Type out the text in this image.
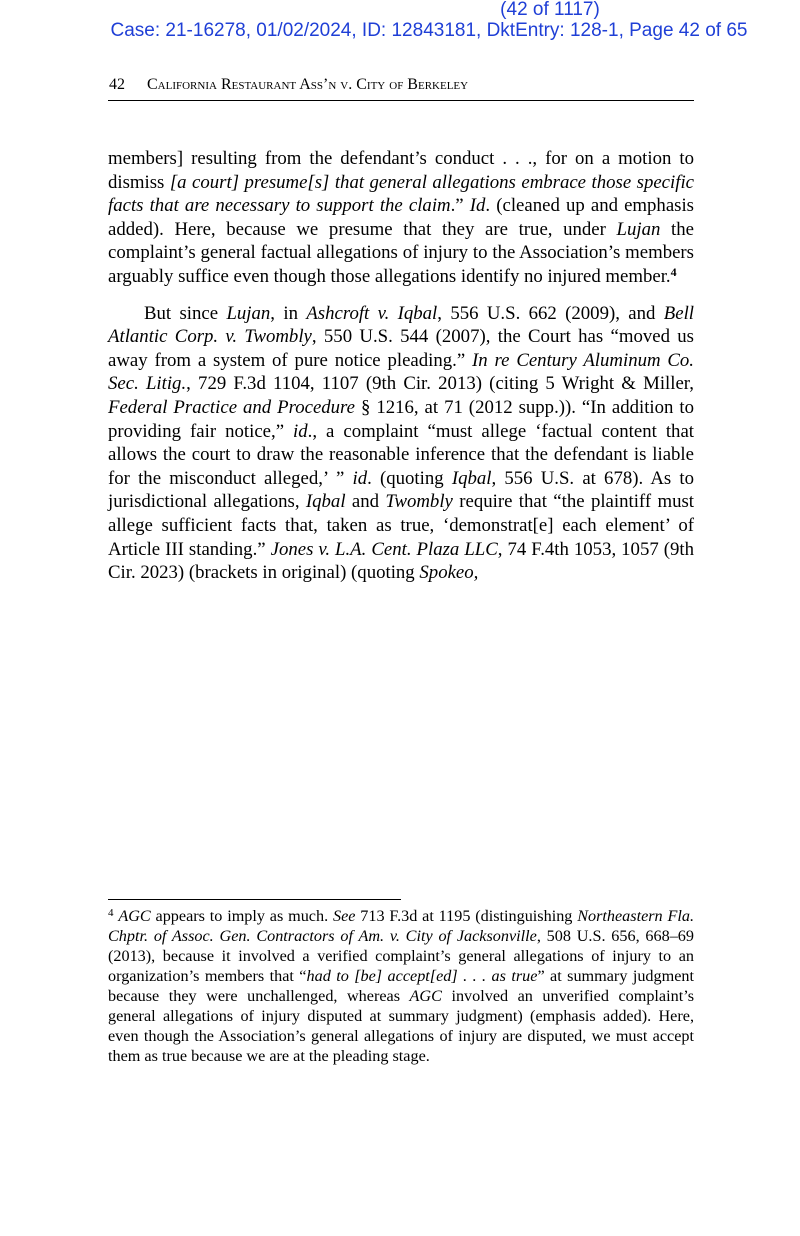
(42 of 1117)
Case: 21-16278, 01/02/2024, ID: 12843181, DktEntry: 128-1, Page 42 of 65
42 California Restaurant Ass’n v. City of Berkeley

members] resulting from the defendant’s conduct . . ., for on a motion to dismiss [a court] presume[s] that general allegations embrace those specific facts that are necessary to support the claim.” Id. (cleaned up and emphasis added). Here, because we presume that they are true, under Lujan the complaint’s general factual allegations of injury to the Association’s members arguably suffice even though those allegations identify no injured member.$^4$

But since Lujan, in Ashcroft v. Iqbal, 556 U.S. 662 (2009), and Bell Atlantic Corp. v. Twombly, 550 U.S. 544 (2007), the Court has “moved us away from a system of pure notice pleading.” In re Century Aluminum Co. Sec. Litig., 729 F.3d 1104, 1107 (9th Cir. 2013) (citing 5 Wright & Miller, Federal Practice and Procedure § 1216, at 71 (2012 supp.)). “In addition to providing fair notice,” id., a complaint “must allege ‘factual content that allows the court to draw the reasonable inference that the defendant is liable for the misconduct alleged,’ ” id. (quoting Iqbal, 556 U.S. at 678). As to jurisdictional allegations, Iqbal and Twombly require that “the plaintiff must allege sufficient facts that, taken as true, ‘demonstrat[e] each element’ of Article III standing.” Jones v. L.A. Cent. Plaza LLC, 74 F.4th 1053, 1057 (9th Cir. 2023) (brackets in original) (quoting Spokeo,

$^4$ AGC appears to imply as much. See 713 F.3d at 1195 (distinguishing Northeastern Fla. Chptr. of Assoc. Gen. Contractors of Am. v. City of Jacksonville, 508 U.S. 656, 668–69 (2013), because it involved a verified complaint’s general allegations of injury to an organization’s members that “had to [be] accept[ed] . . . as true” at summary judgment because they were unchallenged, whereas AGC involved an unverified complaint’s general allegations of injury disputed at summary judgment) (emphasis added). Here, even though the Association’s general allegations of injury are disputed, we must accept them as true because we are at the pleading stage.
